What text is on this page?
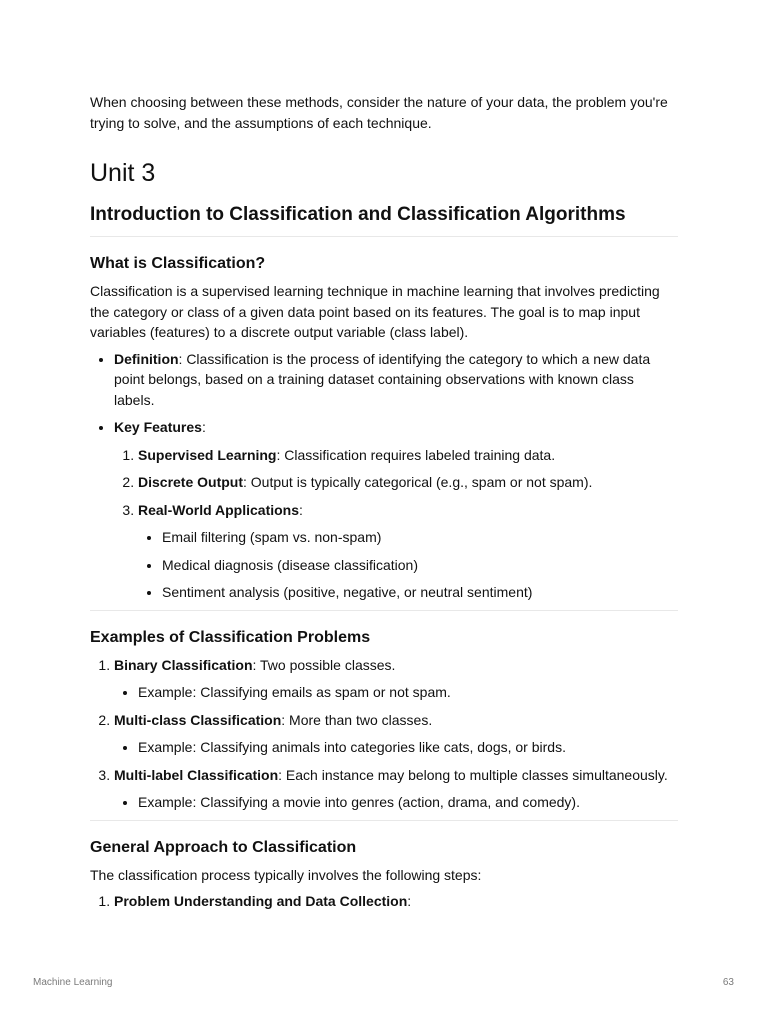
When choosing between these methods, consider the nature of your data, the problem you're trying to solve, and the assumptions of each technique.

Unit 3
Introduction to Classification and Classification Algorithms
What is Classification?

Classification is a supervised learning technique in machine learning that involves predicting the category or class of a given data point based on its features. The goal is to map input variables (features) to a discrete output variable (class label).

• Definition: Classification is the process of identifying the category to which a new data point belongs, based on a training dataset containing observations with known class labels.
• Key Features:
1. Supervised Learning: Classification requires labeled training data.
2. Discrete Output: Output is typically categorical (e.g., spam or not spam).
3. Real-World Applications:
• Email filtering (spam vs. non-spam)
• Medical diagnosis (disease classification)
• Sentiment analysis (positive, negative, or neutral sentiment)
Examples of Classification Problems
1. Binary Classification: Two possible classes.
• Example: Classifying emails as spam or not spam.
2. Multi-class Classification: More than two classes.
• Example: Classifying animals into categories like cats, dogs, or birds.
3. Multi-label Classification: Each instance may belong to multiple classes simultaneously.
• Example: Classifying a movie into genres (action, drama, and comedy).
General Approach to Classification

The classification process typically involves the following steps:

1. Problem Understanding and Data Collection:
Machine Learning	63
